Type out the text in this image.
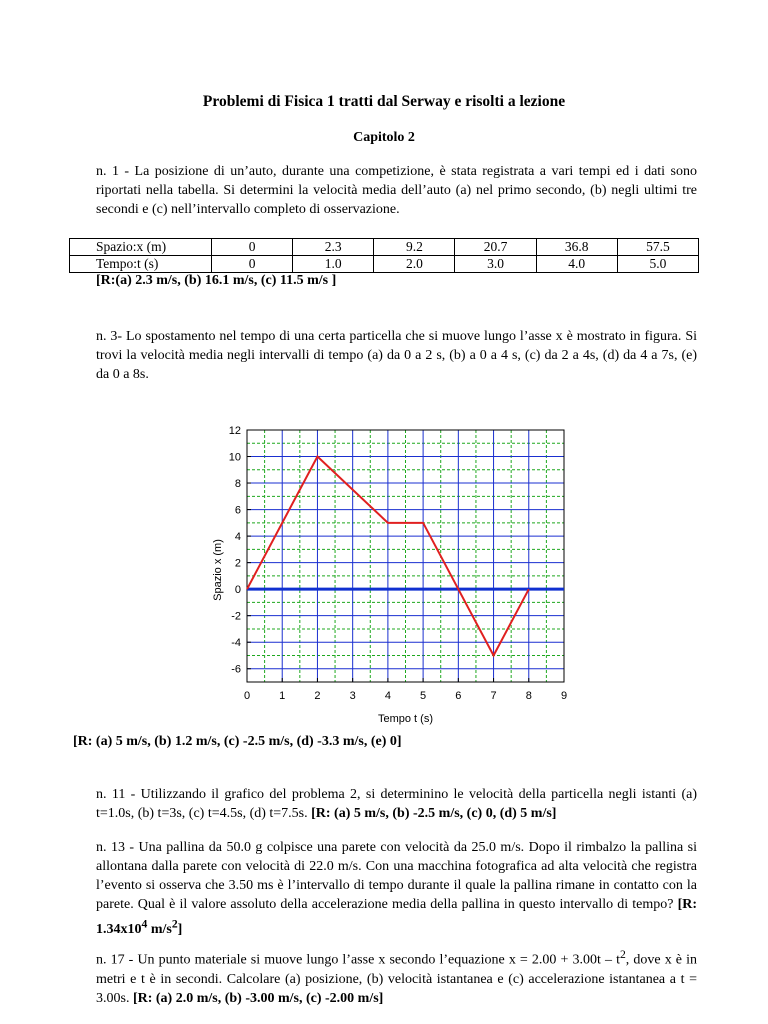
Problemi di Fisica 1 tratti dal Serway e risolti a lezione
Capitolo 2
n. 1 - La posizione di un’auto, durante una competizione, è stata registrata a vari tempi ed i dati sono riportati nella tabella. Si determini la velocità media dell’auto (a) nel primo secondo, (b) negli ultimi tre secondi e (c) nell’intervallo completo di osservazione.
Spazio:x (m)	0	2.3	9.2	20.7	36.8	57.5
Tempo:t (s)	0	1.0	2.0	3.0	4.0	5.0
[R:(a) 2.3 m/s, (b) 16.1 m/s, (c) 11.5 m/s ]
n. 3- Lo spostamento nel tempo di una certa particella che si muove lungo l’asse x è mostrato in figura. Si trovi la velocità media negli intervalli di tempo (a) da 0 a 2 s, (b) a 0 a 4 s, (c) da 2 a 4s, (d) da 4 a 7s, (e) da 0 a 8s.
0	1	2	3	4	5	6	7	8	9
-6
-4
-2
0
2
4
6
8
10
12
Tempo t (s)
Spazio x (m)
[R: (a) 5 m/s, (b) 1.2 m/s, (c) -2.5 m/s, (d) -3.3 m/s, (e) 0]
n. 11 - Utilizzando il grafico del problema 2, si determinino le velocità della particella negli istanti (a) t=1.0s, (b) t=3s, (c) t=4.5s, (d) t=7.5s. [R: (a) 5 m/s, (b) -2.5 m/s, (c) 0, (d) 5 m/s]
n. 13 - Una pallina da 50.0 g colpisce una parete con velocità da 25.0 m/s. Dopo il rimbalzo la pallina si allontana dalla parete con velocità di 22.0 m/s. Con una macchina fotografica ad alta velocità che registra l’evento si osserva che 3.50 ms è l’intervallo di tempo durante il quale la pallina rimane in contatto con la parete. Qual è il valore assoluto della accelerazione media della pallina in questo intervallo di tempo? [R: $1.34x10^4$ $m/s^2$]
n. 17 - Un punto materiale si muove lungo l’asse x secondo l’equazione $x = 2.00 + 3.00t - t^2$, dove x è in metri e t è in secondi. Calcolare (a) posizione, (b) velocità istantanea e (c) accelerazione istantanea a t = 3.00s. [R: (a) 2.0 m/s, (b) -3.00 m/s, (c) -2.00 m/s]
